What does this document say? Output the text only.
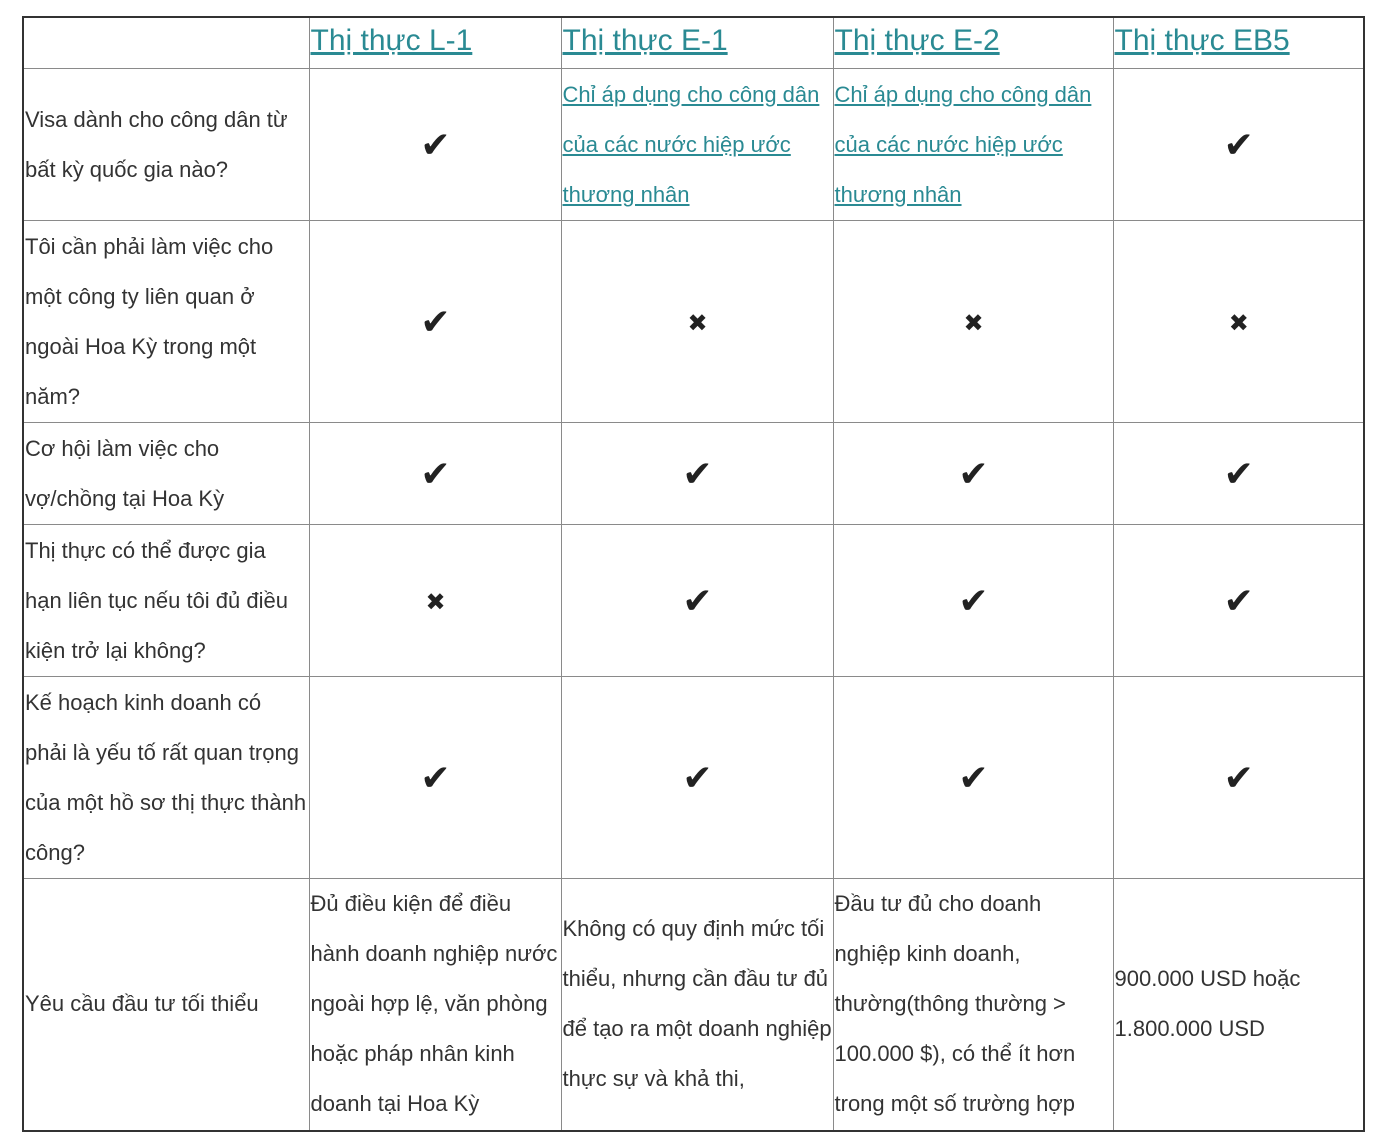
	Thị thực L-1	Thị thực E-1	Thị thực E-2	Thị thực EB5
Visa dành cho công dân từ bất kỳ quốc gia nào?	✔	Chỉ áp dụng cho công dân của các nước hiệp ước thương nhân	Chỉ áp dụng cho công dân của các nước hiệp ước thương nhân	✔
Tôi cần phải làm việc cho một công ty liên quan ở ngoài Hoa Kỳ trong một năm?	✔	✖	✖	✖
Cơ hội làm việc cho vợ/chồng tại Hoa Kỳ	✔	✔	✔	✔
Thị thực có thể được gia hạn liên tục nếu tôi đủ điều kiện trở lại không?	✖	✔	✔	✔
Kế hoạch kinh doanh có phải là yếu tố rất quan trọng của một hồ sơ thị thực thành công?	✔	✔	✔	✔
Yêu cầu đầu tư tối thiểu	Đủ điều kiện để điều hành doanh nghiệp nước ngoài hợp lệ, văn phòng hoặc pháp nhân kinh doanh tại Hoa Kỳ	Không có quy định mức tối thiểu, nhưng cần đầu tư đủ để tạo ra một doanh nghiệp thực sự và khả thi,	Đầu tư đủ cho doanh nghiệp kinh doanh, thường(thông thường > 100.000 $), có thể ít hơn trong một số trường hợp	900.000 USD hoặc 1.800.000 USD
